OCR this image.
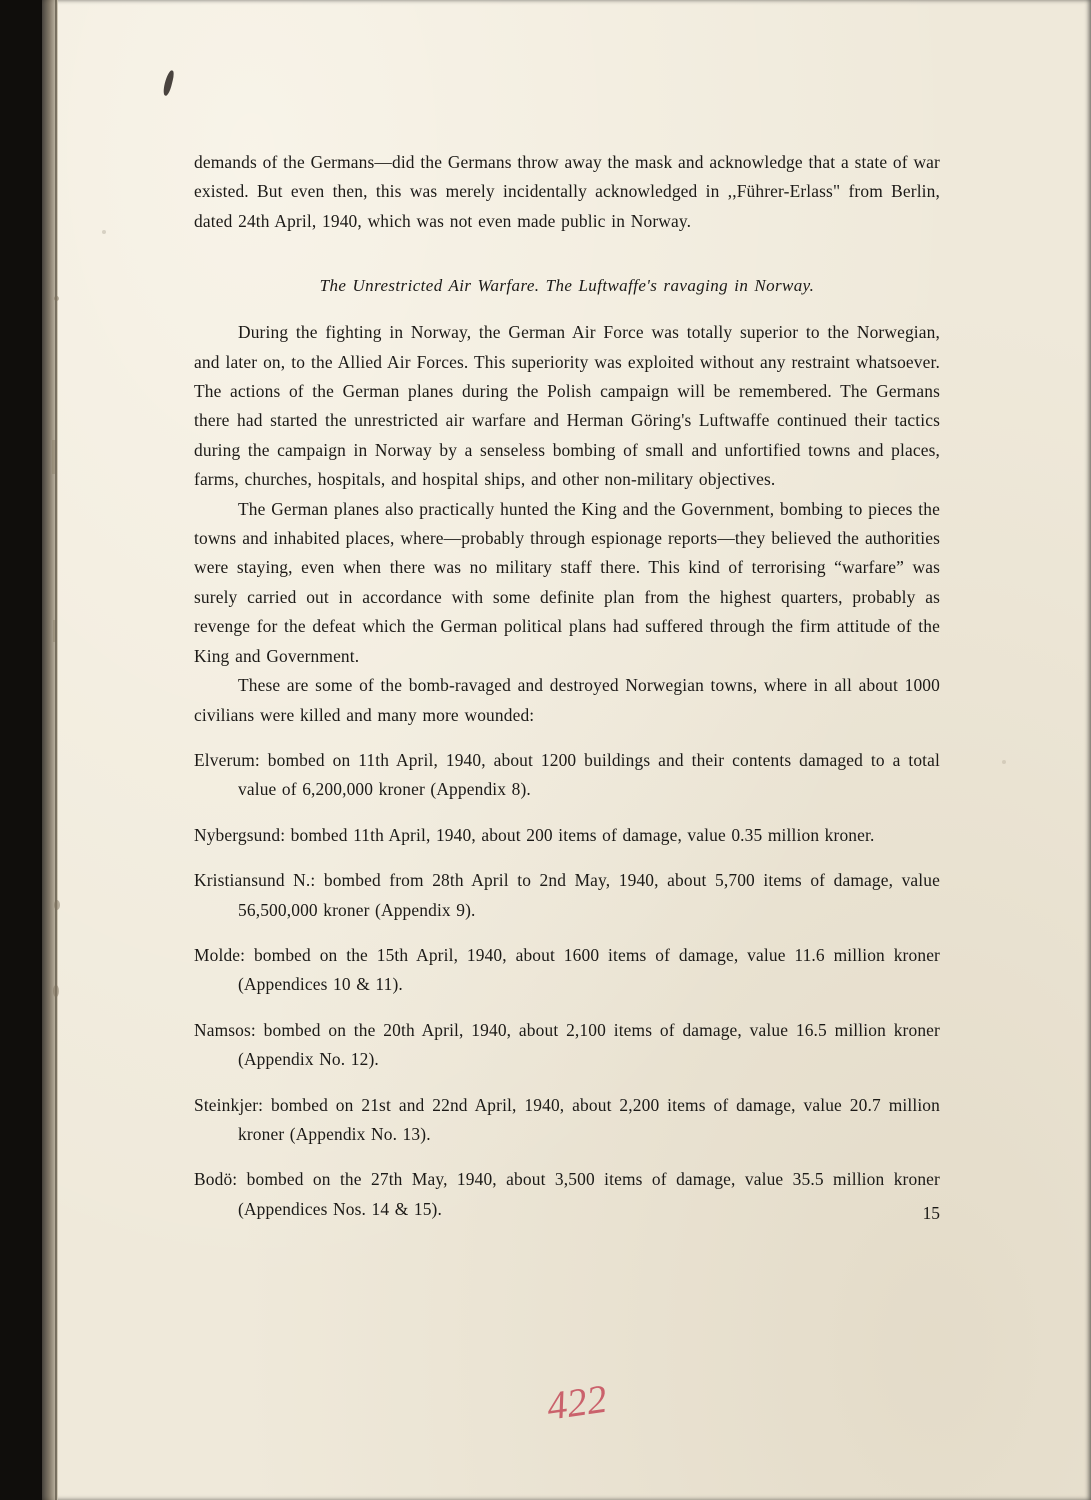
demands of the Germans—did the Germans throw away the mask and acknowledge that a state of war existed. But even then, this was merely incidentally acknowledged in ,,Führer-Erlass" from Berlin, dated 24th April, 1940, which was not even made public in Norway.

The Unrestricted Air Warfare. The Luftwaffe's ravaging in Norway.

During the fighting in Norway, the German Air Force was totally superior to the Norwegian, and later on, to the Allied Air Forces. This superiority was exploited without any restraint whatsoever. The actions of the German planes during the Polish campaign will be remembered. The Germans there had started the unrestricted air warfare and Herman Göring's Luftwaffe continued their tactics during the campaign in Norway by a senseless bombing of small and unfortified towns and places, farms, churches, hospitals, and hospital ships, and other non-military objectives.

The German planes also practically hunted the King and the Government, bombing to pieces the towns and inhabited places, where—probably through espionage reports—they believed the authorities were staying, even when there was no military staff there. This kind of terrorising “warfare” was surely carried out in accordance with some definite plan from the highest quarters, probably as revenge for the defeat which the German political plans had suffered through the firm attitude of the King and Government.

These are some of the bomb-ravaged and destroyed Norwegian towns, where in all about 1000 civilians were killed and many more wounded:

Elverum: bombed on 11th April, 1940, about 1200 buildings and their contents damaged to a total value of 6,200,000 kroner (Appendix 8).
Nybergsund: bombed 11th April, 1940, about 200 items of damage, value 0.35 million kroner.
Kristiansund N.: bombed from 28th April to 2nd May, 1940, about 5,700 items of damage, value 56,500,000 kroner (Appendix 9).
Molde: bombed on the 15th April, 1940, about 1600 items of damage, value 11.6 million kroner (Appendices 10 & 11).
Namsos: bombed on the 20th April, 1940, about 2,100 items of damage, value 16.5 million kroner (Appendix No. 12).
Steinkjer: bombed on 21st and 22nd April, 1940, about 2,200 items of damage, value 20.7 million kroner (Appendix No. 13).
Bodö: bombed on the 27th May, 1940, about 3,500 items of damage, value 35.5 million kroner (Appendices Nos. 14 & 15).	15
422
